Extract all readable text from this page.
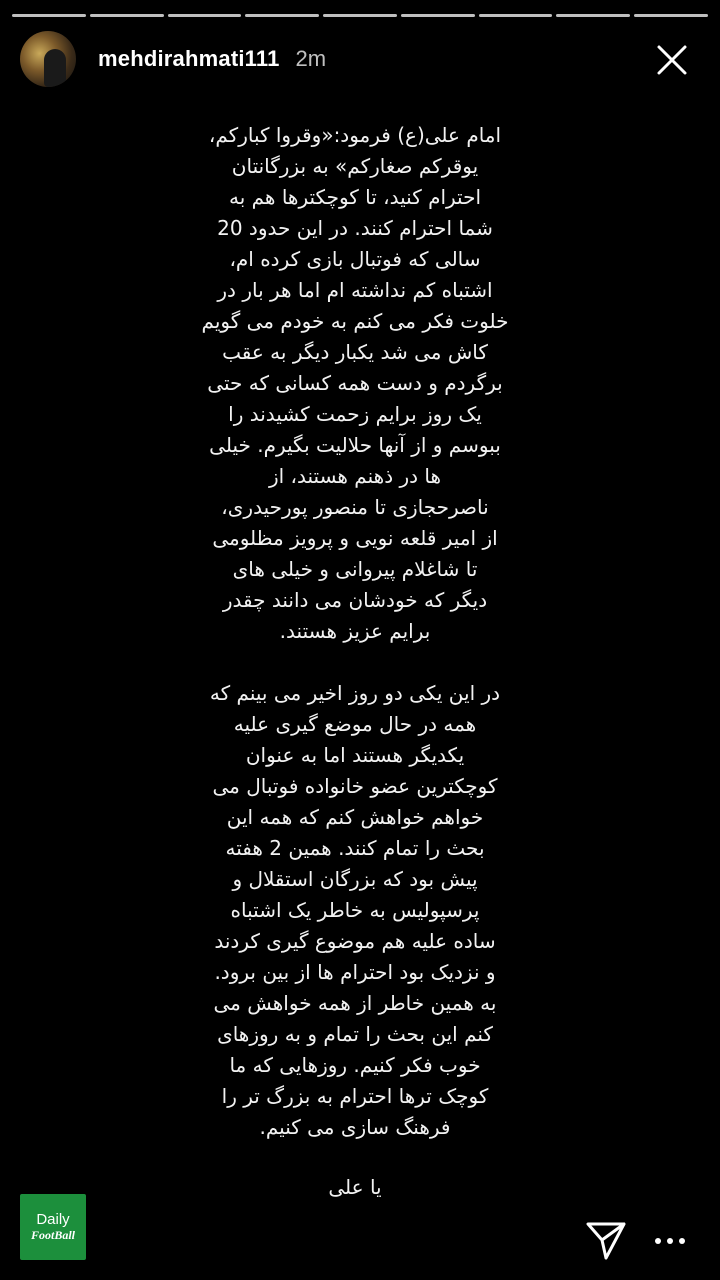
mehdirahmati111 2m

امام علی(ع) فرمود:«وقروا کبارکم،
یوقرکم صغارکم» به بزرگانتان
احترام کنید، تا کوچکترها هم به
شما احترام کنند. در این حدود 20
سالی که فوتبال بازی کرده ام،
اشتباه کم نداشته ام اما هر بار در
خلوت فکر می کنم به خودم می گویم
کاش می شد یکبار دیگر به عقب
برگردم و دست همه کسانی که حتی
یک روز برایم زحمت کشیدند را
ببوسم و از آنها حلالیت بگیرم. خیلی
ها در ذهنم هستند، از
ناصرحجازی تا منصور پورحیدری،
از امیر قلعه نویی و پرویز مظلومی
تا شاغلام پیروانی و خیلی های
دیگر که خودشان می دانند چقدر
برایم عزیز هستند.

در این یکی دو روز اخیر می بینم که
همه در حال موضع گیری علیه
یکدیگر هستند اما به عنوان
کوچکترین عضو خانواده فوتبال می
خواهم خواهش کنم که همه این
بحث را تمام کنند. همین 2 هفته
پیش بود که بزرگان استقلال و
پرسپولیس به خاطر یک اشتباه
ساده علیه هم موضوع گیری کردند
و نزدیک بود احترام ها از بین برود.
به همین خاطر از همه خواهش می
کنم این بحث را تمام و به روزهای
خوب فکر کنیم. روزهایی که ما
کوچک ترها احترام به بزرگ تر را
فرهنگ سازی می کنیم.

یا علی

Daily
FootBall
